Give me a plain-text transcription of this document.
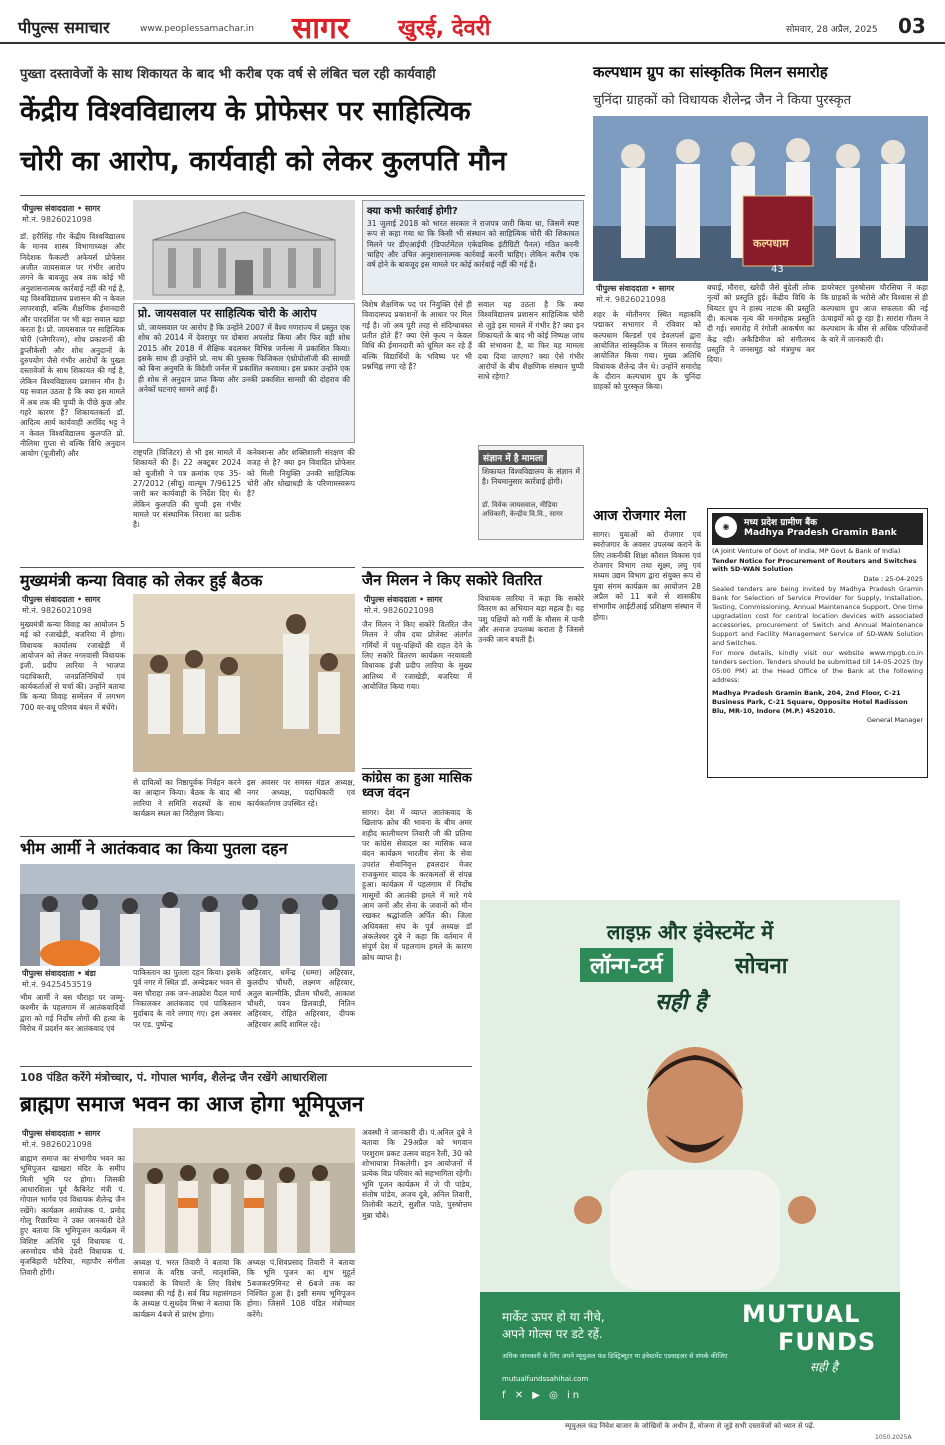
पीपुल्स समाचार	www.peoplessamachar.in सागर खुरई, देवरी	सोमवार, 28 अप्रैल, 2025 03
पुख्ता दस्तावेजों के साथ शिकायत के बाद भी करीब एक वर्ष से लंबित चल रही कार्यवाही
केंद्रीय विश्वविद्यालय के प्रोफेसर पर साहित्यिक
चोरी का आरोप, कार्यवाही को लेकर कुलपति मौन
पीपुल्स संवाददाता • सागर
मो.नं. 9826021098
डॉ. हरीसिंह गौर केंद्रीय विश्वविद्यालय के मानव शास्त्र विभागाध्यक्ष और निदेशक फैकल्टी अफेयर्स प्रोफेसर अजीत जायसवाल पर गंभीर आरोप लगने के बावजूद अब तक कोई भी अनुशासनात्मक कार्रवाई नहीं की गई है, यह विश्वविद्यालय प्रशासन की न केवल लापरवाही, बल्कि शैक्षणिक ईमानदारी और पारदर्शिता पर भी बड़ा सवाल खड़ा करता है। प्रो. जायसवाल पर साहित्यिक चोरी (प्लेगरिज्म), शोध प्रकाशनों की डुप्लीकेसी और शोध अनुदानों के दुरुपयोग जैसे गंभीर आरोपों के पुख्ता दस्तावेजों के साथ शिकायत की गई है, लेकिन विश्वविद्यालय प्रशासन मौन है। यह सवाल उठता है कि क्या इस मामले में अब तक की चुप्पी के पीछे कुछ और गहरे कारण हैं? शिकायतकर्ता डॉ. आदित्य आर्य कार्यवाही अरविंद भट्ट ने न केवल विश्वविद्यालय कुलपति प्रो. नीलिमा गुप्ता से बल्कि विधि अनुदान आयोग (यूजीसी) और
क्या कभी कार्रवाई होगी?
31 जुलाई 2018 को भारत सरकार ने राजपत्र जारी किया था, जिसमें स्पष्ट रूप से कहा गया था कि किसी भी संस्थान को साहित्यिक चोरी की शिकायत मिलने पर डीएआईपी (डिपार्टमेंटल एकेडमिक इंटीग्रिटी पैनल) गठित करनी चाहिए और उचित अनुशासनात्मक कार्रवाई करनी चाहिए। लेकिन करीब एक वर्ष होने के बावजूद इस मामले पर कोई कार्रवाई नहीं की गई है।
प्रो. जायसवाल पर साहित्यिक चोरी के आरोप
प्रो. जायसवाल पर आरोप है कि उन्होंने 2007 में वैश्व गणराज्य में प्रस्तुत एक शोध को 2014 में देवरापुर पर दोबारा अपलोड किया और फिर वही शोध 2015 और 2018 में शैक्षिक वदलकर विभिन्न जर्नल्स में प्रकाशित किया। इसके साथ ही उन्होंने प्रो. नाथ की पुस्तक फिजिकल एंथ्रोपोलॉजी की सामग्री को बिना अनुमति के विदेशी जर्नल में प्रकाशित करवाया। इस प्रकार उन्होंने एक ही शोध से अनुदान प्राप्त किया और उनकी प्रकाशित सामग्री की दोहराव की अनेकों घटनाएं सामने आई हैं।
राष्ट्रपति (विजिटर) से भी इस मामले में शिकायतें की हैं। 22 अक्टूबर 2024 को यूजीसी ने पत्र क्रमांक एफ 35-27/2012 (सीयू) वाल्यूम 7/96125 जारी कर कार्यवाही के निर्देश दिए थे। लेकिन कुलपति की चुप्पी इस गंभीर मामले पर संस्थानिक निराशा का प्रतीक है।
कनेक्शन्स और शक्तिशाली संरक्षण की वजह से है? क्या इन विवादित प्रोफेसर को मिली नियुक्ति उनकी साहित्यिक चोरी और धोखाधड़ी के परिणामस्वरूप है?
विशेष शैक्षणिक पद पर नियुक्ति ऐसे ही विवादास्पद प्रकाशनों के आधार पर मिल गई है। जो अब पूरी तरह से संदिग्धावस्त प्रतीत होते हैं? क्या ऐसे कृत्य न केवल विधि की ईमानदारी को धूमिल कर रहे हैं बल्कि विद्यार्थियों के भविष्य पर भी प्रश्नचिह्न लगा रहे हैं?
सवाल यह उठता है कि क्या विश्वविद्यालय प्रशासन साहित्यिक चोरी से जुड़े इस मामले में गंभीर है? क्या इन शिकायतों के बाद भी कोई निष्पक्ष जांच की संभावना है, या फिर यह मामला दबा दिया जाएगा? क्या ऐसे गंभीर आरोपों के बीच शैक्षणिक संस्थान चुप्पी साधे रहेगा?
संज्ञान में है मामला
शिकायत विश्वविद्यालय के संज्ञान में है। नियमानुसार कार्रवाई होगी।
डॉ. विवेक जायसवाल, मीडिया अधिकारी, केन्द्रीय वि.वि., सागर
कल्पधाम ग्रुप का सांस्कृतिक मिलन समारोह
चुनिंदा ग्राहकों को विधायक शैलेन्द्र जैन ने किया पुरस्कृत
कल्पधाम
43
पीपुल्स संवाददाता • सागर
मो.नं. 9826021098
शहर के मोतीनगर स्थित महाकवि पद्माकर सभागार में रविवार को कल्पधाम बिल्डर्स एवं डेवलपर्स द्वारा आयोजित सांस्कृतिक व मिलन समारोह आयोजित किया गया। मुख्य अतिथि विधायक शैलेन्द्र जैन थे। उन्होंने समारोह के दौरान कल्पधाम ग्रुप के चुनिंदा ग्राहकों को पुरस्कृत किया।
बघाई, मौरारा, खरेदी जैसे बुंदेली लोक नृत्यों को प्रस्तुति हुई। केंद्रीय विधि के थियटर ग्रुप ने हास्य नाटक की प्रस्तुति दी। कत्थक नृत्य की मनमोहक प्रस्तुति दी गई। समारोह में रंगोली आकर्षण का केंद्र रही। अकैडिमीज को संगीतमय प्रस्तुति ने जनसमूह को मंत्रमुग्ध कर दिया।
डायरेक्टर पुरुषोत्तम चौरसिया ने कहा कि ग्राहकों के भरोसे और विश्वास से ही कल्पधाम ग्रुप आज सफलता की नई ऊंचाइयों को छू रहा है। सारांश गौतम ने कल्पधाम के बीस से अधिक परियोजनों के बारे में जानकारी दी।
आज रोजगार मेला
सागर। युवाओं को रोजगार एवं स्वरोजगार के अवसर उपलब्ध कराने के लिए तकनीकी शिक्षा कौशल विकास एवं रोजगार विभाग तथा सूक्ष्म, लघु एवं मध्यम उद्यम विभाग द्वारा संयुक्त रूप से युवा संगम कार्यक्रम का आयोजन 28 अप्रैल को 11 बजे से शासकीय संभागीय आईटीआई प्रशिक्षण संस्थान में होगा।
◉	मध्य प्रदेश ग्रामीण बैंक
Madhya Pradesh Gramin Bank
(A Joint Venture of Govt of India, MP Govt & Bank of India)
Tender Notice for Procurement of Routers and Switches with SD-WAN Solution
Date : 25-04-2025
Sealed tenders are being invited by Madhya Pradesh Gramin Bank for Selection of Service Provider for Supply, Installation, Testing, Commissioning, Annual Maintenance Support, One time upgradation cost for central location devices with associated accessories, procurement of Switch and Annual Maintenance Support and Facility Management Service of SD-WAN Solution and Switches.
For more details, kindly visit our website www.mpgb.co.in tenders section. Tenders should be submitted till 14-05-2025 (by 05:00 PM) at the Head Office of the Bank at the following address:
Madhya Pradesh Gramin Bank, 204, 2nd Floor, C-21 Business Park, C-21 Square, Opposite Hotel Radisson Blu, MR-10, Indore (M.P.) 452010.
General Manager
मुख्यमंत्री कन्या विवाह को लेकर हुई बैठक
पीपुल्स संवाददाता • सागर
मो.नं. 9826021098
मुख्यमंत्री कन्या विवाह का आयोजन 5 मई को रजाखेड़ी, बजरिया में होगा। विधायक कार्यालय रजाखेड़ी में आयोजन को लेकर नगरवासी विधायक इंजी. प्रदीप लारिया ने भाजपा पदाधिकारी, जनप्रतिनिधियों एवं कार्यकर्ताओं से चर्चा की। उन्होंने बताया कि कन्या विवाह सम्मेलन में लगभग 700 वर-वधू परिणय बंधन में बंधेंगे।
से दायित्वों का निष्ठापूर्वक निर्वहन करने का आव्हान किया। बैठक के बाद श्री लारिया ने समिति सदस्यों के साथ कार्यक्रम स्थल का निरीक्षण किया।
इस अवसर पर समस्त मंडल अध्यक्ष, नगर अध्यक्ष, पदाधिकारी एवं कार्यकर्तागण उपस्थित रहे।
जैन मिलन ने किए सकोरे वितरित
पीपुल्स संवाददाता • सागर
मो.नं. 9826021098
जैन मिलन ने किए सकोरे वितरित जैन मिलन ने जीव दया प्रोजेक्ट अंतर्गत गर्मियों में पशु-पक्षियों की राहत देने के लिए सकोरे वितरण कार्यक्रम नरयावली विधायक इंजी प्रदीप लारिया के मुख्य आतिथ्य में रजाखेड़ी, बजरिया में आयोजित किया गया।
विधायक लारिया ने कहा कि सकोरे वितरण का अभियान बड़ा महत्व है। यह पशु पक्षियों को गर्मी के मौसम में पानी और अनाज उपलब्ध कराता है जिससे उनकी जान बचती है।
कांग्रेस का हुआ मासिक ध्वज वंदन
सागर। देश में व्याप्त आतंकवाद के खिलाफ क्रोध की भावना के बीच अमर शहीद कालीचरण तिवारी जी की प्रतिमा पर कांग्रेस सेवादल का मासिक ध्वज वंदन कार्यक्रम भारतीय सेना के सेवा उपरांत सेवानिवृत्त हवलदार मेजर राजकुमार यादव के करकमलों से संपन्न हुआ। कार्यक्रम में पहलगाम में निर्दोष मासूमों की आतंकी हमले में मारे गये आम जनों और सेना के जवानों को मौन रखकर श्रद्धांजलि अर्पित की। जिला अधिवक्ता संघ के पूर्व अध्यक्ष डॉ अंकलेश्वर दुबे ने कहा कि वर्तमान में संपूर्ण देश में पहलगाम हमले के कारण क्रोध व्याप्त है।
भीम आर्मी ने आतंकवाद का किया पुतला दहन
पीपुल्स संवाददाता • बंडा
मो.नं. 9425453519
भीम आर्मी ने बस चौराहा पर जम्मू-कश्मीर के पहलगाम में आतंकवादियों द्वारा को गई निर्दोष लोगों की हत्या के विरोध में प्रदर्शन कर आतंकवाद एवं
पाकिस्तान का पुतला दहन किया। इसके पूर्व नगर में स्थित डॉ. अम्बेडकर भवन से बस चौराहा तक जन-आक्रोश पैदल मार्च निकालकर आतंकवाद एवं पाकिस्तान मुर्दाबाद के नारे लगाए गए। इस अवसर पर एड. पुष्पेन्द्र
अहिरवार, धर्मेन्द्र (धम्मा) अहिरवार, कुलदीप चौधरी, लक्ष्मण अहिरवार, अतुल बाल्मीकि, प्रीतम चौधरी, आकाश चौधरी, पवन डिलवाड़ी, नितिन अहिरवार, रोहित अहिरवार, दीपक अहिरवार आदि शामिल रहे।
108 पंडित करेंगे मंत्रोच्चार, पं. गोपाल भार्गव, शैलेन्द्र जैन रखेंगे आधारशिला
ब्राह्मण समाज भवन का आज होगा भूमिपूजन
पीपुल्स संवाददाता • सागर
मो.नं. 9826021098
ब्राह्मण समाज का संभागीय भवन का भूमिपूजन खाखरा मंदिर के समीप मिली भूमि पर होगा। जिसकी आधारशिला पूर्व कैबिनेट मंत्री पं. गोपाल भार्गव एवं विधायक शैलेन्द्र जैन रखेंगे। कार्यक्रम आयोजक पं. प्रमोद गोलू रिछारिया ने उक्त जानकारी देते हुए बताया कि भूमिपूजन कार्यक्रम में विशिष्ट अतिथि पूर्व विधायक पं. अरुणोदय चौबे देवरी विधायक पं. बृजबिहारी पटैरिया, महापौर संगीता तिवारी होंगी।
अध्यक्ष पं. भरत तिवारी ने बताया कि समाज के वरिष्ठ जनों, मातृशक्ति, पत्रकारों के विचारों के लिए विशेष व्यवस्था की गई है। सर्व विप्र महासंगठन के अध्यक्ष पं.सुधदेव मिश्रा ने बताया कि कार्यक्रम 4बजे से प्रारंभ होगा।
अध्यक्ष पं.शिवप्रसाद तिवारी ने बताया कि भूमि पूजन का शुभ मुहूर्त 5बजकर9मिनट से 6बजे तक का निश्चित हुआ है। इसी समय भूमिपूजन होगा। जिसमें 108 पंडित मंत्रोच्चार करेंगे।
अवस्थी ने जानकारी दी। पं.अनिल दुबे ने बताया कि 29अप्रैल को भगवान परशुराम प्रकट उत्सव वाहन रैली, 30 को शोभायात्रा निकलेगी। इन आयोजनों में प्रत्येक विप्र परिवार को सहभागिता रहेगी। भूमि पूजन कार्यक्रम में जे पी पांडेय, संतोष पांडेय, अजय दुबे, अनिल तिवारी, तिलोकी कटारे, सुशील पाठे, पुरुषोत्तम मुन्ना चौबे।
लाइफ़ और इंवेस्टमेंट में
लॉन्ग-टर्म	सोचना
सही है
मार्केट ऊपर हो या नीचे,
अपने गोल्स पर डटे रहें.
MUTUAL
FUNDS
सही है
अधिक जानकारी के लिए अपने म्यूचुअल फंड डिस्ट्रिब्यूटर या इंवेस्टमेंट एडवाइज़र से संपर्क कीजिए
mutualfundssahihai.com
f ✕ ▶ ◎ in
म्यूचुअल फंड निवेश बाजार के जोखिमों के अधीन हैं, योजना से जुड़े सभी दस्तावेजों को ध्यान से पढ़ें.
1050.2025A
